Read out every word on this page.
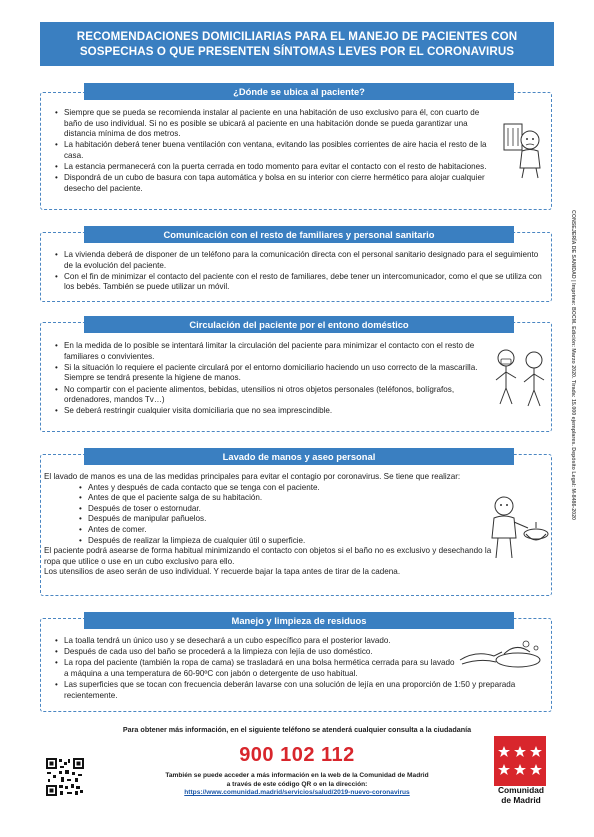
RECOMENDACIONES DOMICILIARIAS PARA EL MANEJO DE PACIENTES CON
SOSPECHAS O QUE PRESENTEN SÍNTOMAS LEVES POR EL CORONAVIRUS
¿Dónde se ubica al paciente?
• Siempre que se pueda se recomienda instalar al paciente en una habitación de uso exclusivo para él, con cuarto de baño de uso individual. Si no es posible se ubicará al paciente en una habitación donde se pueda garantizar una distancia mínima de dos metros.
• La habitación deberá tener buena ventilación con ventana, evitando las posibles corrientes de aire hacia el resto de la casa.
• La estancia permanecerá con la puerta cerrada en todo momento para evitar el contacto con el resto de habitaciones.
• Dispondrá de un cubo de basura con tapa automática y bolsa en su interior con cierre hermético para alojar cualquier desecho del paciente.
Comunicación con el resto de familiares y personal sanitario
• La vivienda deberá de disponer de un teléfono para la comunicación directa con el personal sanitario designado para el seguimiento de la evolución del paciente.
• Con el fin de minimizar el contacto del paciente con el resto de familiares, debe tener un intercomunicador, como el que se utiliza con los bebés. También se puede utilizar un móvil.
Circulación del paciente por el entono doméstico
• En la medida de lo posible se intentará limitar la circulación del paciente para minimizar el contacto con el resto de familiares o convivientes.
• Si la situación lo requiere el paciente circulará por el entorno domiciliario haciendo un uso correcto de la mascarilla. Siempre se tendrá presente la higiene de manos.
• No compartir con el paciente alimentos, bebidas, utensilios ni otros objetos personales (teléfonos, bolígrafos, ordenadores, mandos Tv…)
• Se deberá restringir cualquier visita domiciliaria que no sea imprescindible.
Lavado de manos y aseo personal
El lavado de manos es una de las medidas principales para evitar el contagio por coronavirus. Se tiene que realizar:
• Antes y después de cada contacto que se tenga con el paciente.
• Antes de que el paciente salga de su habitación.
• Después de toser o estornudar.
• Después de manipular pañuelos.
• Antes de comer.
• Después de realizar la limpieza de cualquier útil o superficie.
El paciente podrá asearse de forma habitual minimizando el contacto con objetos si el baño no es exclusivo y desechando la ropa que utilice o use en un cubo exclusivo para ello.
Los utensilios de aseo serán de uso individual. Y recuerde bajar la tapa antes de tirar de la cadena.
Manejo y limpieza de residuos
• La toalla tendrá un único uso y se desechará a un cubo específico para el posterior lavado.
• Después de cada uso del baño se procederá a la limpieza con lejía de uso doméstico.
• La ropa del paciente (también la ropa de cama) se trasladará en una bolsa hermética cerrada para su lavado a máquina a una temperatura de 60-90ºC con jabón o detergente de uso habitual.
• Las superficies que se tocan con frecuencia deberán lavarse con una solución de lejía en una proporción de 1:50 y preparada recientemente.
Para obtener más información, en el siguiente teléfono se atenderá cualquier consulta a la ciudadanía
900 102 112
También se puede acceder a más información en la web de la Comunidad de Madrid
a través de este código QR o en la dirección:
https://www.comunidad.madrid/servicios/salud/2019-nuevo-coronavirus	Comunidad
de Madrid
CONSEJERÍA DE SANIDAD | Imprime: BOCM. Edición: Marzo 2020. Tirada: 15.000 ejemplares. Depósito Legal: M-8486-2020
